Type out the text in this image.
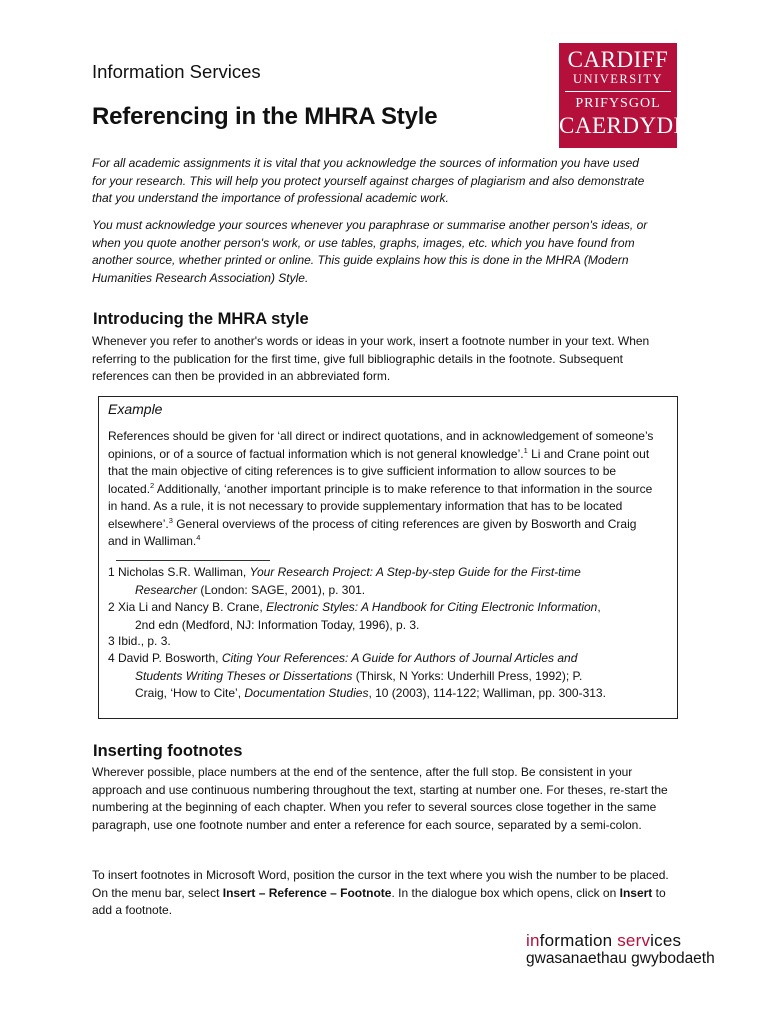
Information Services
Referencing in the MHRA Style
CARDIFF
UNIVERSITY
PRIFYSGOL
CAERDYDD
For all academic assignments it is vital that you acknowledge the sources of information you have used for your research. This will help you protect yourself against charges of plagiarism and also demonstrate that you understand the importance of professional academic work.
You must acknowledge your sources whenever you paraphrase or summarise another person's ideas, or when you quote another person's work, or use tables, graphs, images, etc. which you have found from another source, whether printed or online. This guide explains how this is done in the MHRA (Modern Humanities Research Association) Style.
Introducing the MHRA style
Whenever you refer to another's words or ideas in your work, insert a footnote number in your text. When referring to the publication for the first time, give full bibliographic details in the footnote. Subsequent references can then be provided in an abbreviated form.
Example
References should be given for ‘all direct or indirect quotations, and in acknowledgement of someone’s opinions, or of a source of factual information which is not general knowledge’.$^1$ Li and Crane point out that the main objective of citing references is to give sufficient information to allow sources to be located.$^2$ Additionally, ‘another important principle is to make reference to that information in the source in hand. As a rule, it is not necessary to provide supplementary information that has to be located elsewhere’.$^3$ General overviews of the process of citing references are given by Bosworth and Craig and in Walliman.$^4$
1 Nicholas S.R. Walliman, Your Research Project: A Step-by-step Guide for the First-time
Researcher (London: SAGE, 2001), p. 301.
2 Xia Li and Nancy B. Crane, Electronic Styles: A Handbook for Citing Electronic Information,
2nd edn (Medford, NJ: Information Today, 1996), p. 3.
3 Ibid., p. 3.
4 David P. Bosworth, Citing Your References: A Guide for Authors of Journal Articles and
Students Writing Theses or Dissertations (Thirsk, N Yorks: Underhill Press, 1992); P.
Craig, ‘How to Cite’, Documentation Studies, 10 (2003), 114-122; Walliman, pp. 300-313.
Inserting footnotes
Wherever possible, place numbers at the end of the sentence, after the full stop. Be consistent in your approach and use continuous numbering throughout the text, starting at number one. For theses, re-start the numbering at the beginning of each chapter. When you refer to several sources close together in the same paragraph, use one footnote number and enter a reference for each source, separated by a semi-colon.
To insert footnotes in Microsoft Word, position the cursor in the text where you wish the number to be placed. On the menu bar, select Insert – Reference – Footnote. In the dialogue box which opens, click on Insert to add a footnote.
information services
gwasanaethau gwybodaeth
